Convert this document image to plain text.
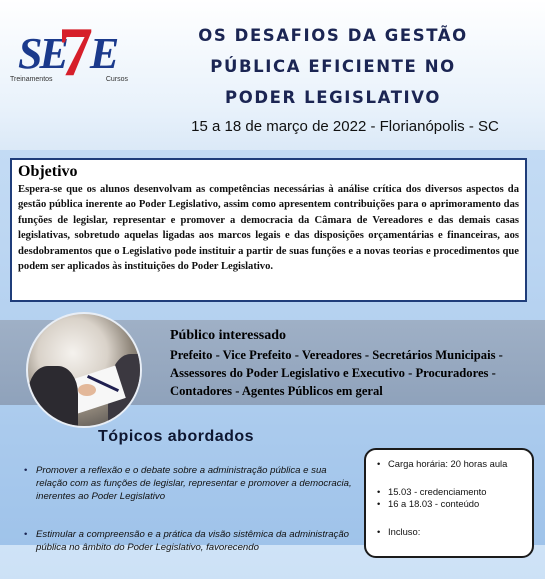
SE E
7
Treinamentos	Cursos
OS DESAFIOS DA GESTÃO
PÚBLICA EFICIENTE NO
PODER LEGISLATIVO
15 a 18 de março de 2022 - Florianópolis - SC

Objetivo

Espera-se que os alunos desenvolvam as competências necessárias à análise crítica dos diversos aspectos da gestão pública inerente ao Poder Legislativo, assim como apresentem contribuições para o aprimoramento das funções de legislar, representar e promover a democracia da Câmara de Vereadores e das demais casas legislativas, sobretudo aquelas ligadas aos marcos legais e das disposições orçamentárias e financeiras, aos desdobramentos que o Legislativo pode instituir a partir de suas funções e a novas teorias e procedimentos que podem ser aplicados às instituições do Poder Legislativo.

Público interessado
Prefeito - Vice Prefeito - Vereadores - Secretários Municipais -
Assessores do Poder Legislativo e Executivo - Procuradores -
Contadores - Agentes Públicos em geral
Tópicos abordados
• Promover a reflexão e o debate sobre a administração pública e sua relação com as funções de legislar, representar e promover a democracia, inerentes ao Poder Legislativo
• Estimular a compreensão e a prática da visão sistêmica da administração pública no âmbito do Poder Legislativo, favorecendo
• Carga horária: 20 horas aula
• 15.03 - credenciamento
• 16 a 18.03 - conteúdo
• Incluso:
